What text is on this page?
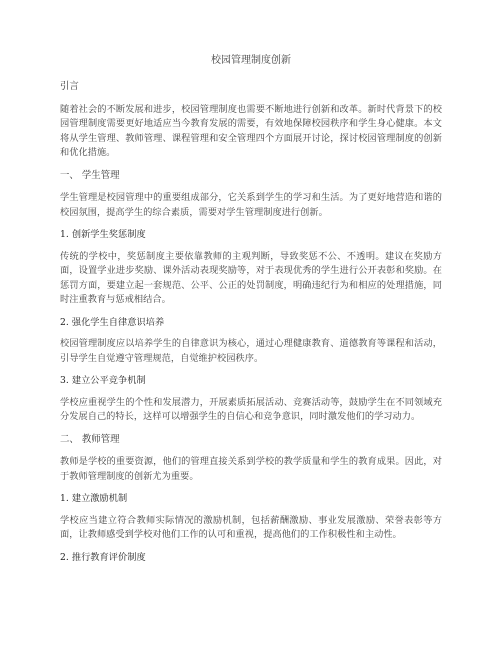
校园管理制度创新

引言

随着社会的不断发展和进步，校园管理制度也需要不断地进行创新和改革。新时代背景下的校园管理制度需要更好地适应当今教育发展的需要，有效地保障校园秩序和学生身心健康。本文将从学生管理、教师管理、课程管理和安全管理四个方面展开讨论，探讨校园管理制度的创新和优化措施。

一、 学生管理

学生管理是校园管理中的重要组成部分，它关系到学生的学习和生活。为了更好地营造和谐的校园氛围，提高学生的综合素质，需要对学生管理制度进行创新。

1. 创新学生奖惩制度

传统的学校中，奖惩制度主要依靠教师的主观判断，导致奖惩不公、不透明。建议在奖励方面，设置学业进步奖励、课外活动表现奖励等，对于表现优秀的学生进行公开表彰和奖励。在惩罚方面，要建立起一套规范、公平、公正的处罚制度，明确违纪行为和相应的处理措施，同时注重教育与惩戒相结合。

2. 强化学生自律意识培养

校园管理制度应以培养学生的自律意识为核心，通过心理健康教育、道德教育等课程和活动，引导学生自觉遵守管理规范，自觉维护校园秩序。

3. 建立公平竞争机制

学校应重视学生的个性和发展潜力，开展素质拓展活动、竞赛活动等，鼓励学生在不同领域充分发展自己的特长，这样可以增强学生的自信心和竞争意识，同时激发他们的学习动力。

二、 教师管理

教师是学校的重要资源，他们的管理直接关系到学校的教学质量和学生的教育成果。因此，对于教师管理制度的创新尤为重要。

1. 建立激励机制

学校应当建立符合教师实际情况的激励机制，包括薪酬激励、事业发展激励、荣誉表彰等方面，让教师感受到学校对他们工作的认可和重视，提高他们的工作积极性和主动性。

2. 推行教育评价制度
